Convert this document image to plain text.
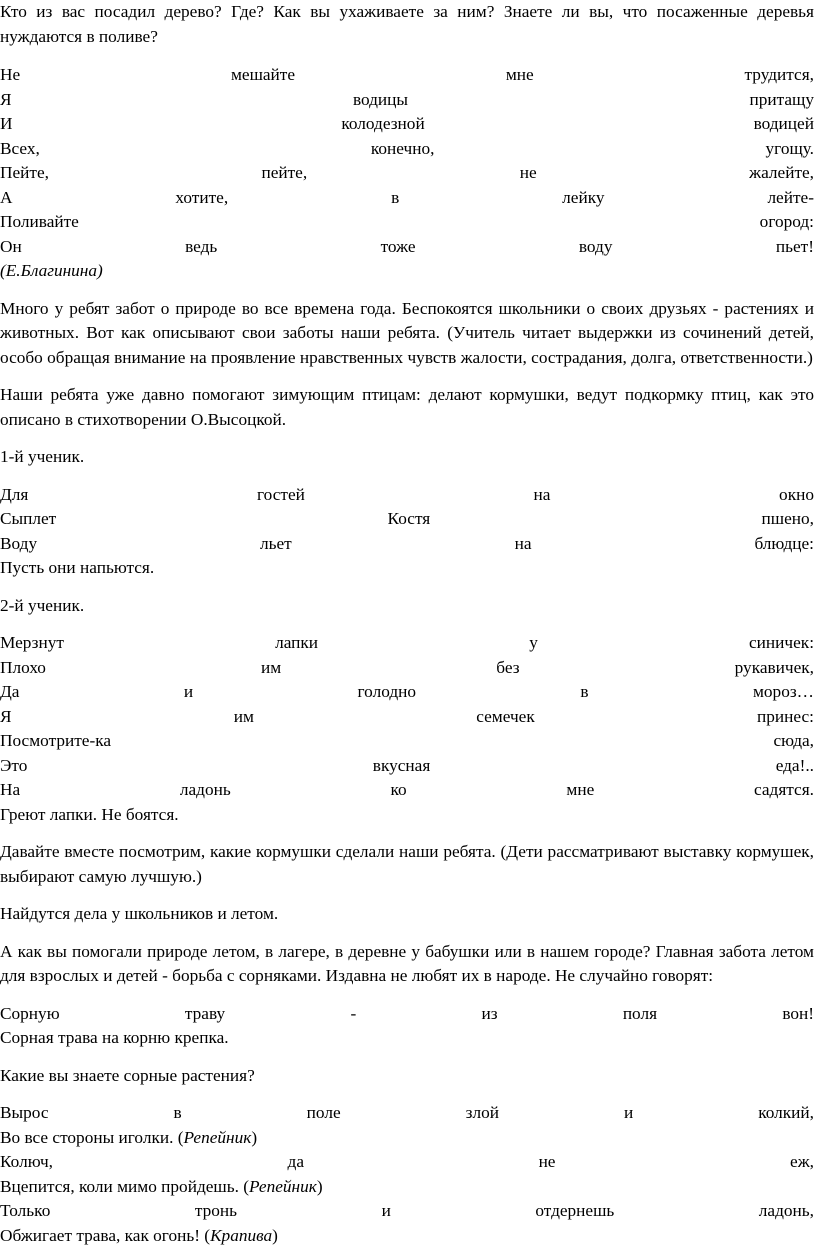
Кто из вас посадил дерево? Где? Как вы ухаживаете за ним? Знаете ли вы, что посаженные деревья нуждаются в поливе?

Не	мешайте	мне	трудится,
Я	водицы	притащу
И	колодезной	водицей
Всех,	конечно,	угощу.
Пейте,	пейте,	не	жалейте,
А	хотите,	в	лейку	лейте-
Поливайте	огород:
Он	ведь	тоже	воду	пьет!
(Е.Благинина)

Много у ребят забот о природе во все времена года. Беспокоятся школьники о своих друзьях - растениях и животных. Вот как описывают свои заботы наши ребята. (Учитель читает выдержки из сочинений детей, особо обращая внимание на проявление нравственных чувств жалости, сострадания, долга, ответственности.)

Наши ребята уже давно помогают зимующим птицам: делают кормушки, ведут подкормку птиц, как это описано в стихотворении О.Высоцкой.

1-й ученик.

Для	гостей	на	окно
Сыплет	Костя	пшено,
Воду	льет	на	блюдце:
Пусть они напьются.

2-й ученик.

Мерзнут	лапки	у	синичек:
Плохо	им	без	рукавичек,
Да	и	голодно	в	мороз…
Я	им	семечек	принес:
Посмотрите-ка	сюда,
Это	вкусная	еда!..
На	ладонь	ко	мне	садятся.
Греют лапки. Не боятся.

Давайте вместе посмотрим, какие кормушки сделали наши ребята. (Дети рассматривают выставку кормушек, выбирают самую лучшую.)

Найдутся дела у школьников и летом.

А как вы помогали природе летом, в лагере, в деревне у бабушки или в нашем городе? Главная забота летом для взрослых и детей - борьба с сорняками. Издавна не любят их в народе. Не случайно говорят:

Сорную	траву	-	из	поля	вон!
Сорная трава на корню крепка.

Какие вы знаете сорные растения?

Вырос	в	поле	злой	и	колкий,
Во все стороны иголки. (Репейник)
Колюч,	да	не	еж,
Вцепится, коли мимо пройдешь. (Репейник)
Только	тронь	и	отдернешь	ладонь,
Обжигает трава, как огонь! (Крапива)
